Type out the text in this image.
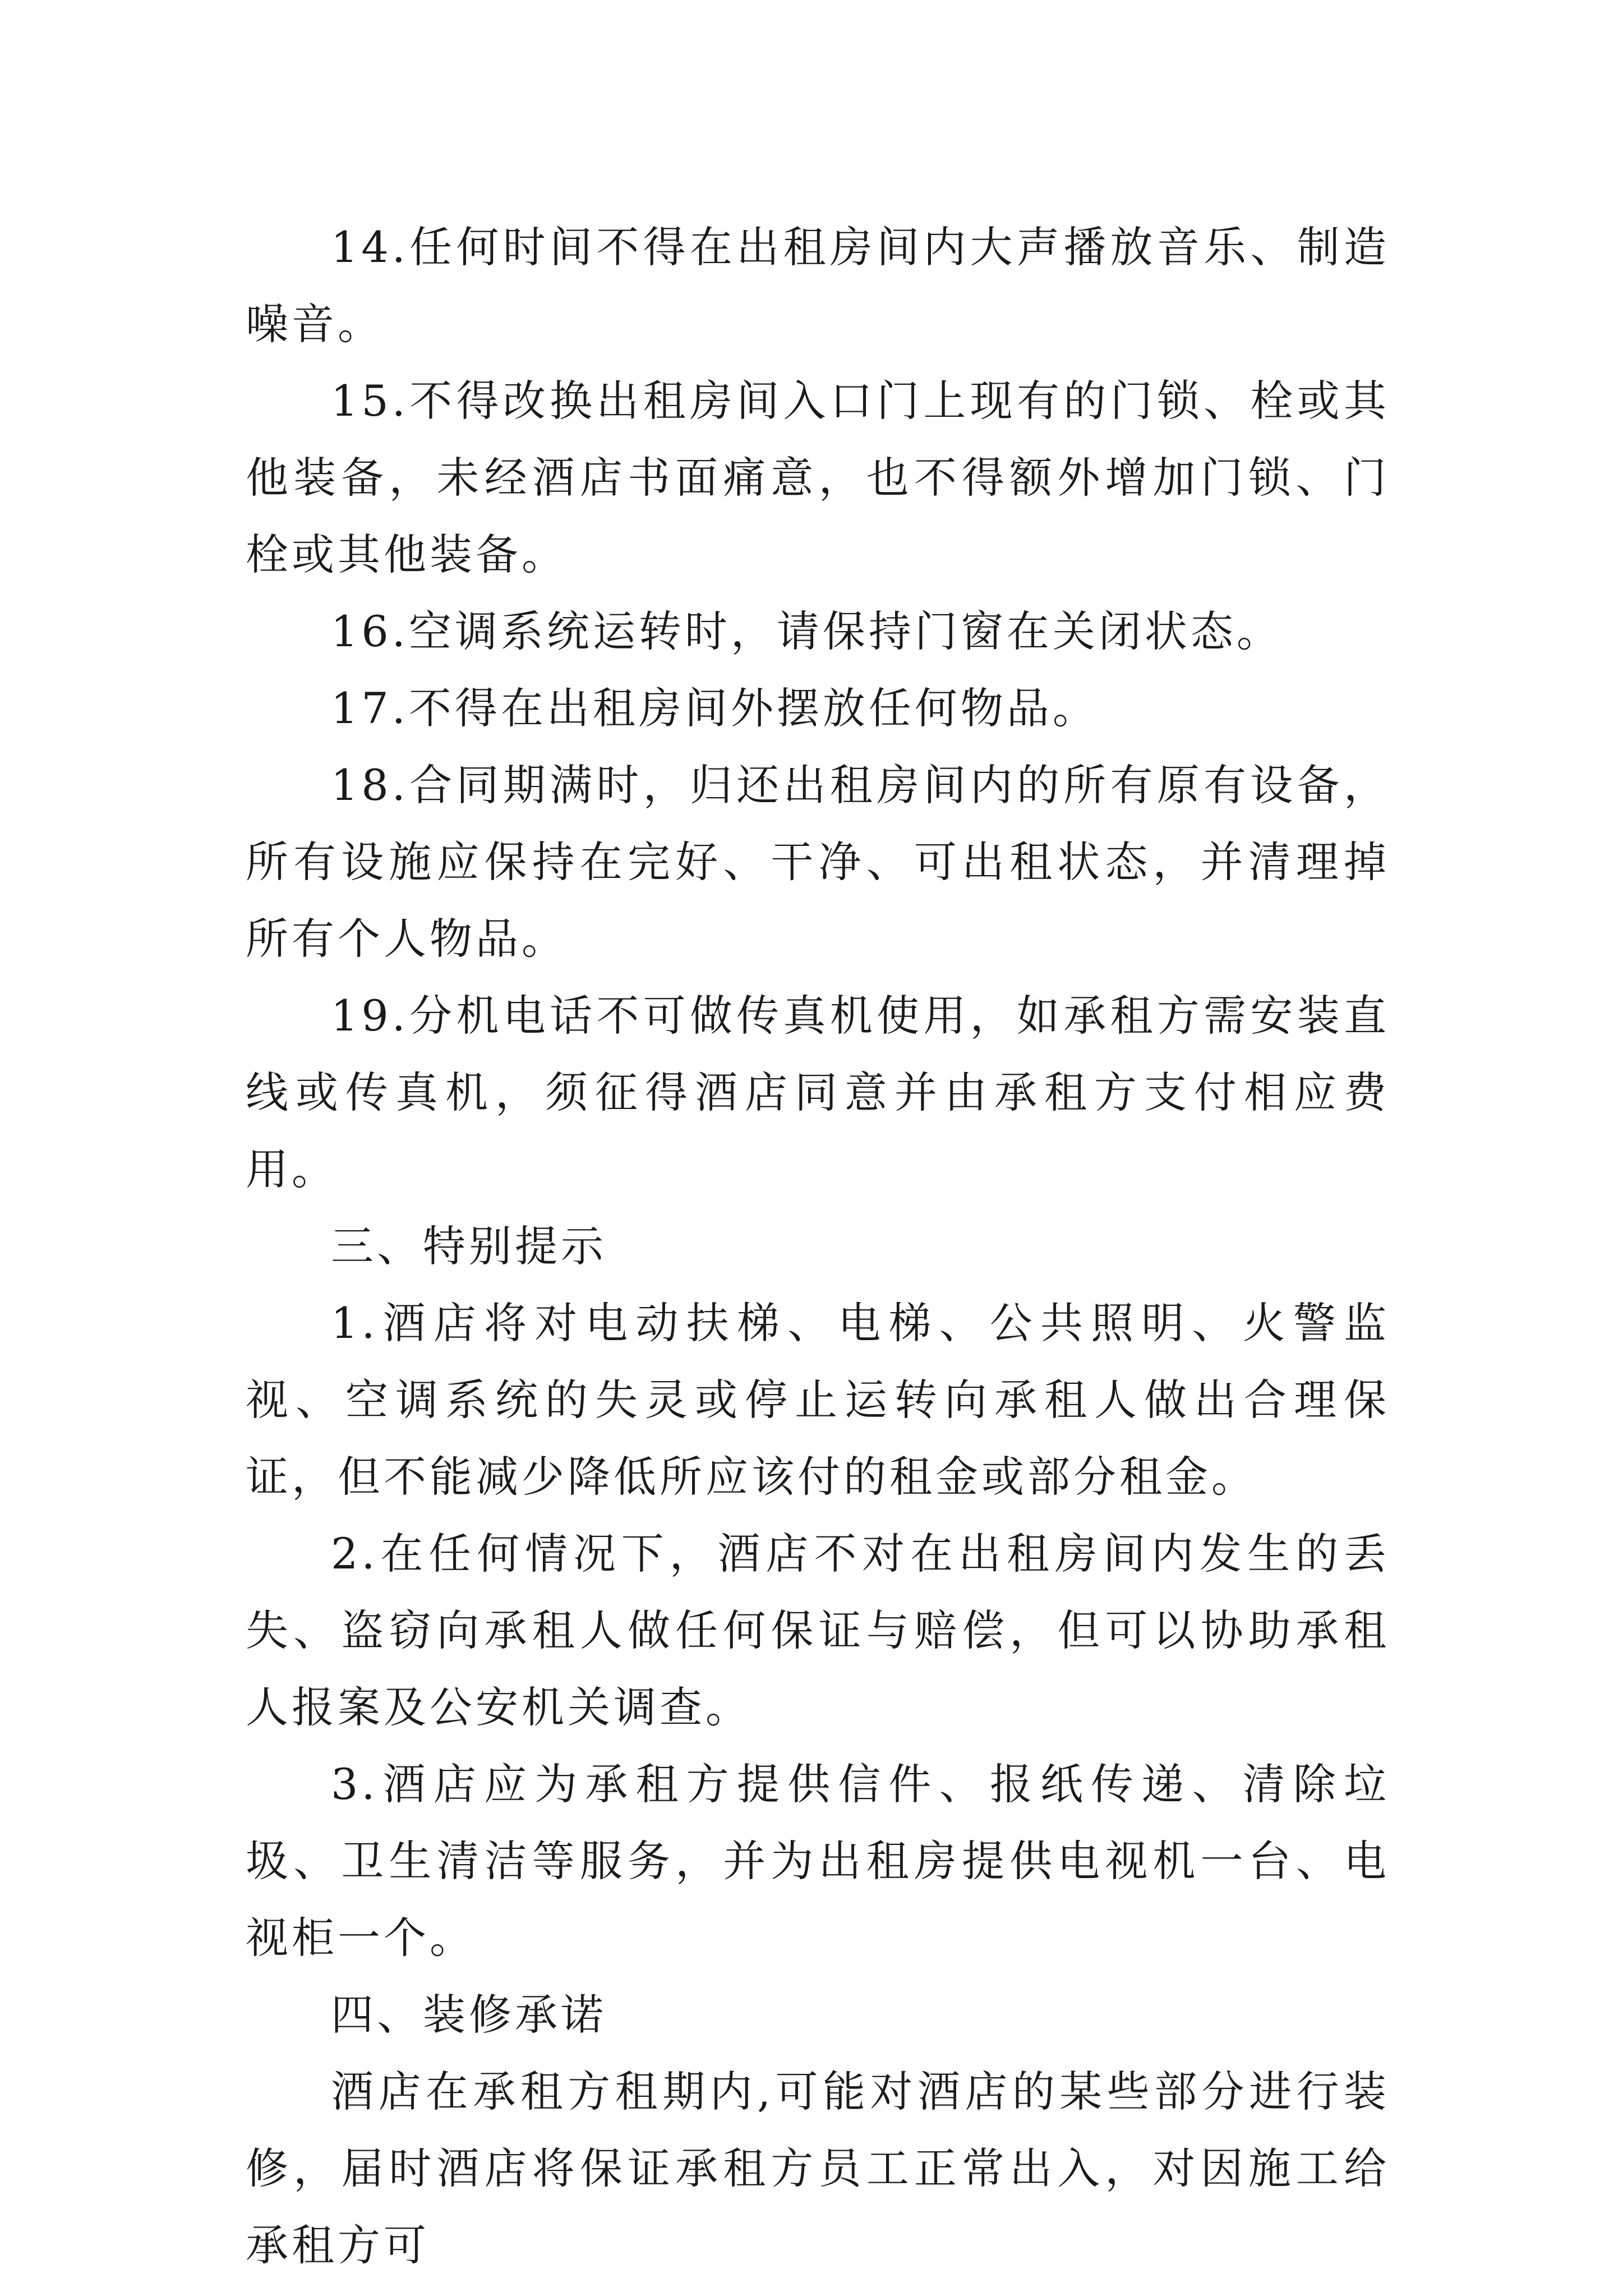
14.任何时间不得在出租房间内大声播放音乐、制造噪音。

15.不得改换出租房间入口门上现有的门锁、栓或其他装备，未经酒店书面痛意，也不得额外增加门锁、门栓或其他装备。

16.空调系统运转时，请保持门窗在关闭状态。

17.不得在出租房间外摆放任何物品。

18.合同期满时，归还出租房间内的所有原有设备，所有设施应保持在完好、干净、可出租状态，并清理掉所有个人物品。

19.分机电话不可做传真机使用，如承租方需安装直线或传真机，须征得酒店同意并由承租方支付相应费用。

三、特别提示

1.酒店将对电动扶梯、电梯、公共照明、火警监视、空调系统的失灵或停止运转向承租人做出合理保证，但不能减少降低所应该付的租金或部分租金。

2.在任何情况下，酒店不对在出租房间内发生的丢失、盗窃向承租人做任何保证与赔偿，但可以协助承租人报案及公安机关调查。

3.酒店应为承租方提供信件、报纸传递、清除垃圾、卫生清洁等服务，并为出租房提供电视机一台、电视柜一个。

四、装修承诺

酒店在承租方租期内,可能对酒店的某些部分进行装修，届时酒店将保证承租方员工正常出入，对因施工给承租方可
